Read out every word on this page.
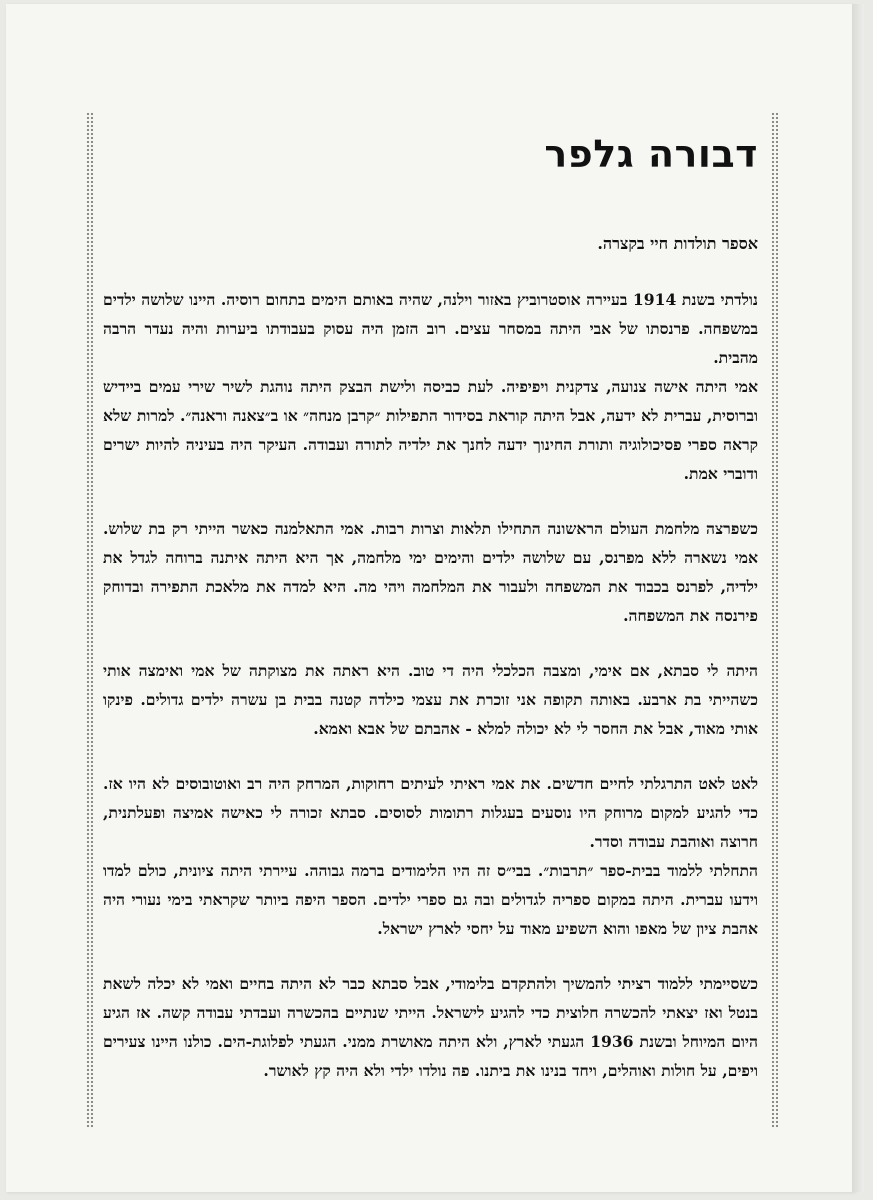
דבורה גלפר

אספר תולדות חיי בקצרה.

נולדתי בשנת 1914 בעיירה אוסטרוביץ באזור וילנה, שהיה באותם הימים בתחום רוסיה. היינו שלושה ילדים במשפחה. פרנסתו של אבי היתה במסחר עצים. רוב הזמן היה עסוק בעבודתו ביערות והיה נעדר הרבה מהבית.

אמי היתה אישה צנועה, צדקנית ויפיפיה. לעת כביסה ולישת הבצק היתה נוהגת לשיר שירי עמים ביידיש וברוסית, עברית לא ידעה, אבל היתה קוראת בסידור התפילות ״קרבן מנחה״ או ב״צאנה וראנה״. למרות שלא קראה ספרי פסיכולוגיה ותורת החינוך ידעה לחנך את ילדיה לתורה ועבודה. העיקר היה בעיניה להיות ישרים ודוברי אמת.

כשפרצה מלחמת העולם הראשונה התחילו תלאות וצרות רבות. אמי התאלמנה כאשר הייתי רק בת שלוש. אמי נשארה ללא מפרנס, עם שלושה ילדים והימים ימי מלחמה, אך היא היתה איתנה ברוחה לגדל את ילדיה, לפרנס בכבוד את המשפחה ולעבור את המלחמה ויהי מה. היא למדה את מלאכת התפירה ובדוחק פירנסה את המשפחה.

היתה לי סבתא, אם אימי, ומצבה הכלכלי היה די טוב. היא ראתה את מצוקתה של אמי ואימצה אותי כשהייתי בת ארבע. באותה תקופה אני זוכרת את עצמי כילדה קטנה בבית בן עשרה ילדים גדולים. פינקו אותי מאוד, אבל את החסר לי לא יכולה למלא - אהבתם של אבא ואמא.

לאט לאט התרגלתי לחיים חדשים. את אמי ראיתי לעיתים רחוקות, המרחק היה רב ואוטובוסים לא היו אז. כדי להגיע למקום מרוחק היו נוסעים בעגלות רתומות לסוסים. סבתא זכורה לי כאישה אמיצה ופעלתנית, חרוצה ואוהבת עבודה וסדר.

התחלתי ללמוד בבית-ספר ״תרבות״. בבי״ס זה היו הלימודים ברמה גבוהה. עיירתי היתה ציונית, כולם למדו וידעו עברית. היתה במקום ספריה לגדולים ובה גם ספרי ילדים. הספר היפה ביותר שקראתי בימי נעורי היה אהבת ציון של מאפו והוא השפיע מאוד על יחסי לארץ ישראל.

כשסיימתי ללמוד רציתי להמשיך ולהתקדם בלימודי, אבל סבתא כבר לא היתה בחיים ואמי לא יכלה לשאת בנטל ואז יצאתי להכשרה חלוצית כדי להגיע לישראל. הייתי שנתיים בהכשרה ועבדתי עבודה קשה. אז הגיע היום המיוחל ובשנת 1936 הגעתי לארץ, ולא היתה מאושרת ממני. הגעתי לפלוגת-הים. כולנו היינו צעירים ויפים, על חולות ואוהלים, ויחד בנינו את ביתנו. פה נולדו ילדי ולא היה קץ לאושר.
